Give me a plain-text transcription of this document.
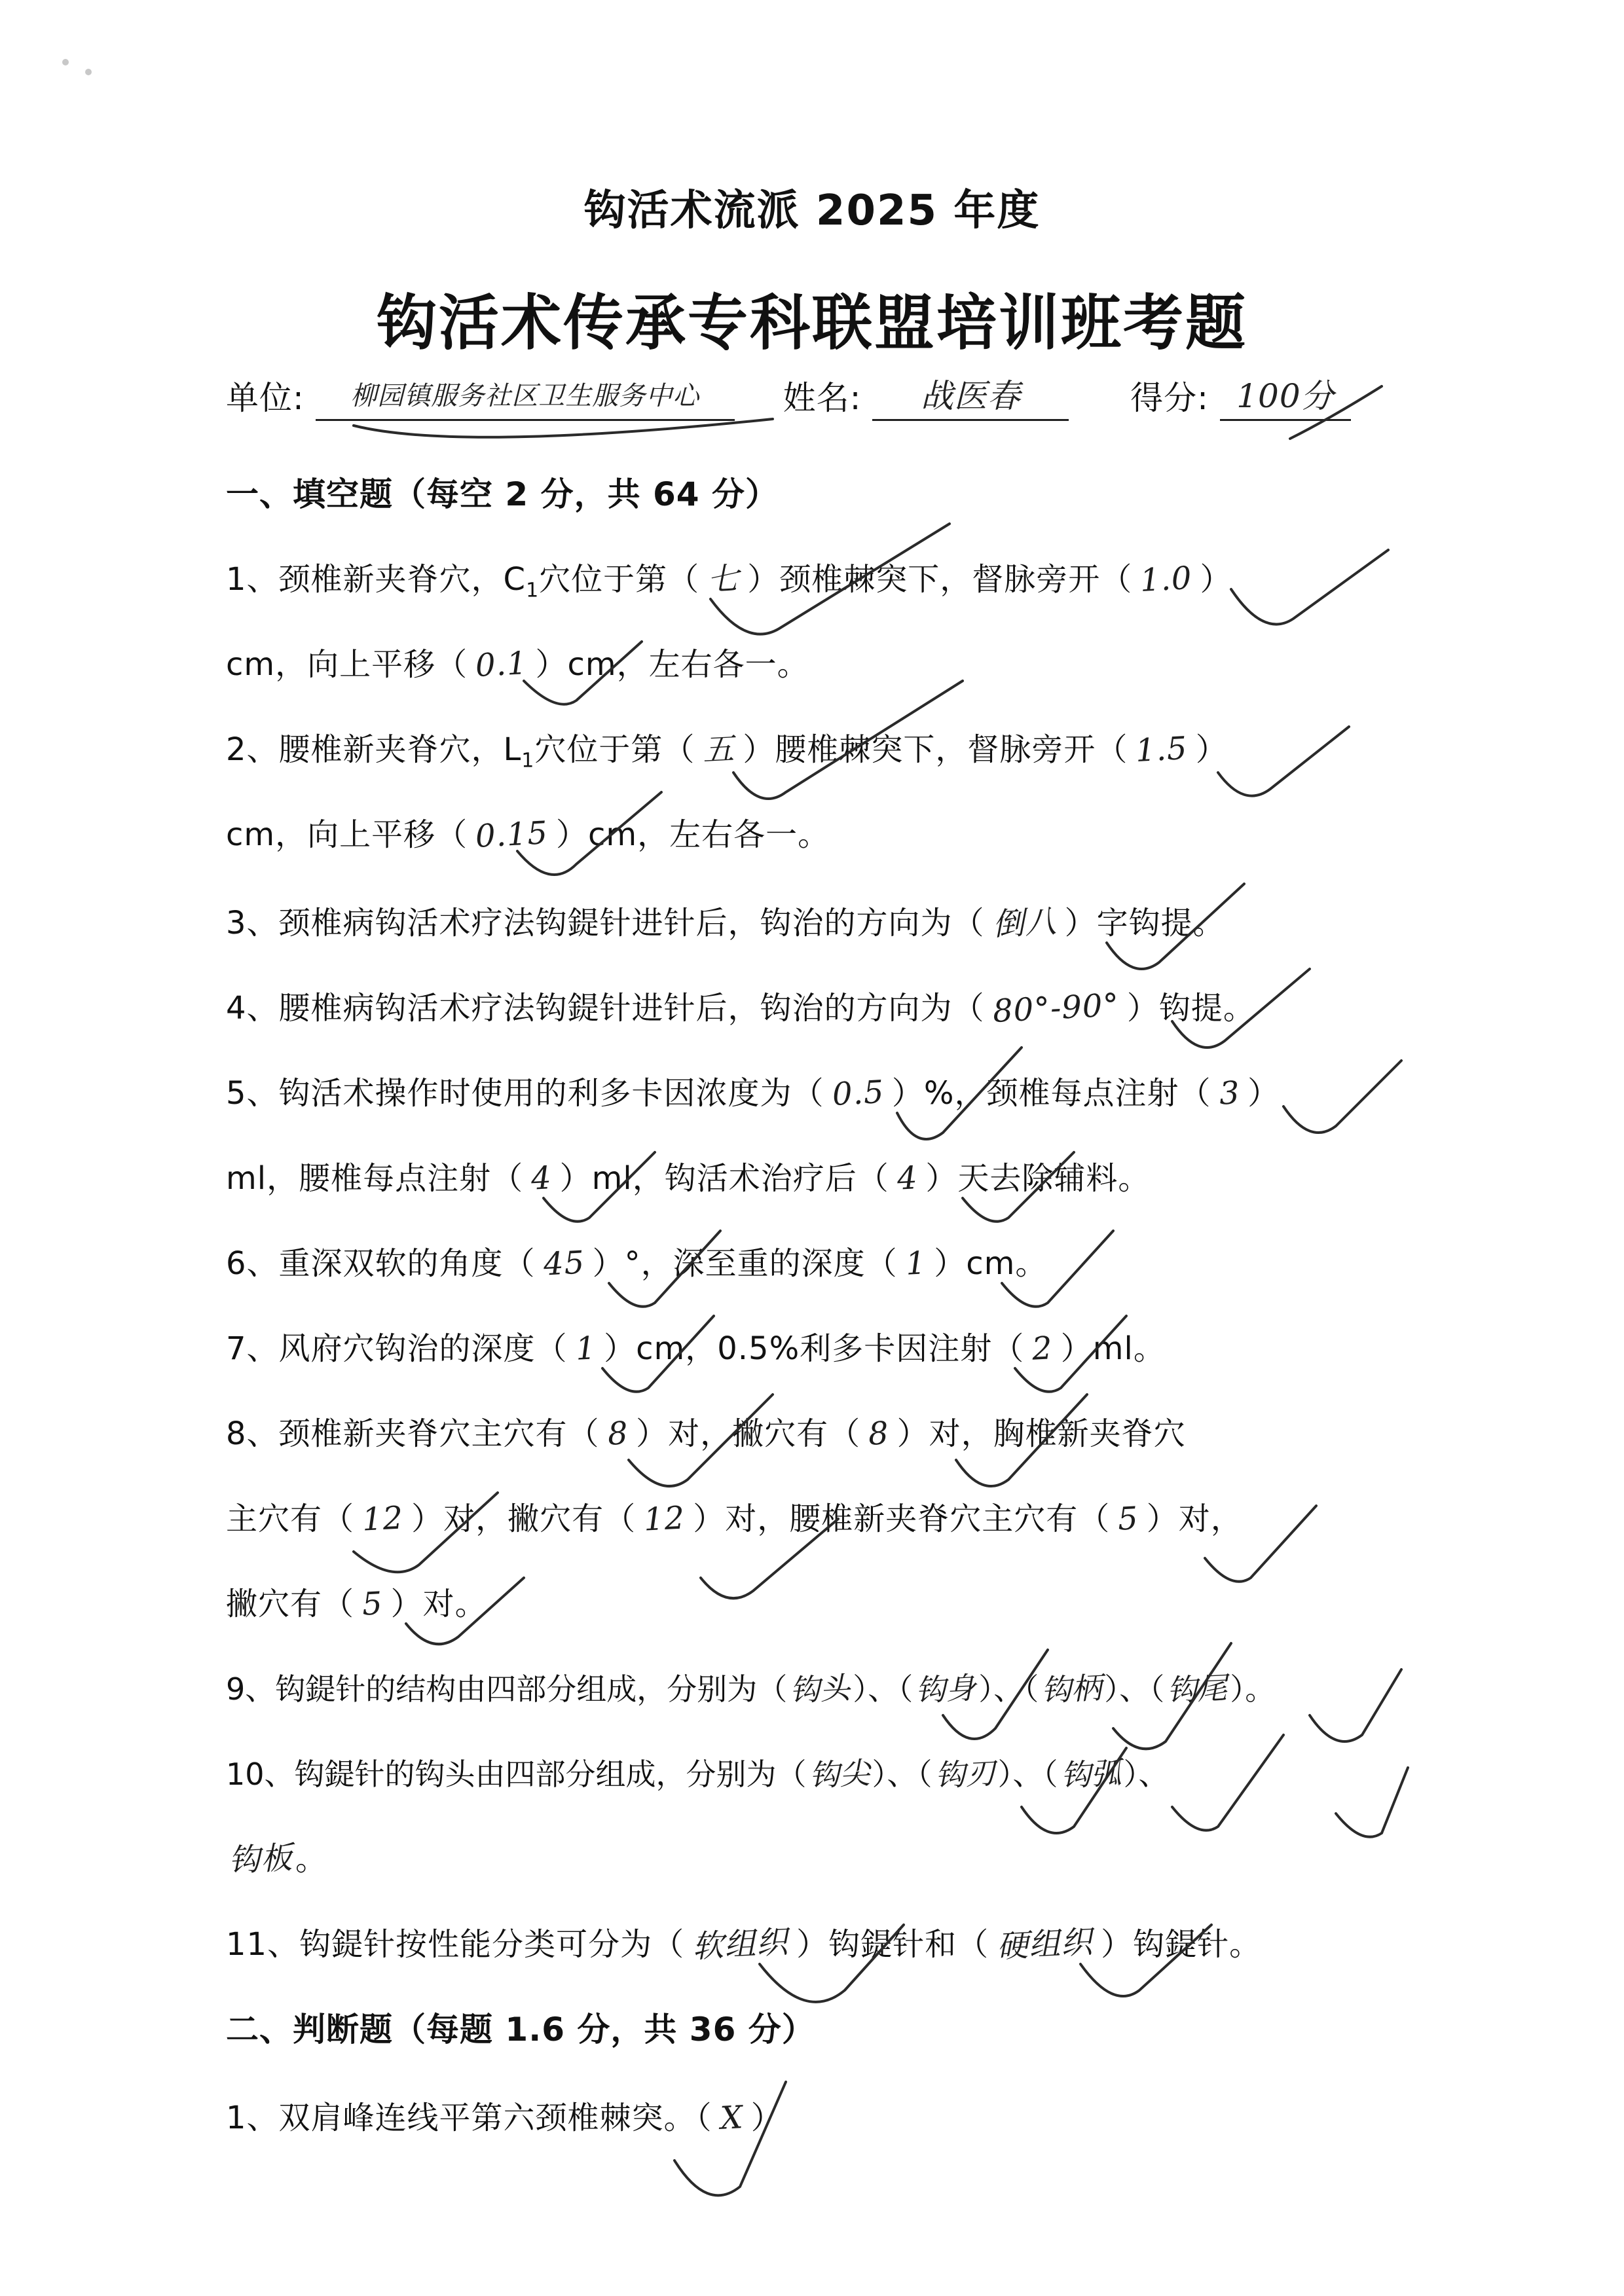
钩活术流派 2025 年度
钩活术传承专科联盟培训班考题
单位: 柳园镇服务社区卫生服务中心	姓名: 战医春	得分: 100分
一、填空题（每空 2 分，共 64 分）
1、颈椎新夹脊穴，$C_1$穴位于第（ 七 ）颈椎棘突下，督脉旁开（ 1.0 ）
cm，向上平移（ 0.1 ）cm，左右各一。
2、腰椎新夹脊穴，$L_1$穴位于第（ 五 ）腰椎棘突下，督脉旁开（ 1.5 ）
cm，向上平移（ 0.15 ）cm，左右各一。
3、颈椎病钩活术疗法钩鍉针进针后，钩治的方向为（ 倒八 ）字钩提。
4、腰椎病钩活术疗法钩鍉针进针后，钩治的方向为（ 80°-90° ）钩提。
5、钩活术操作时使用的利多卡因浓度为（ 0.5 ）%，颈椎每点注射（ 3 ）
ml，腰椎每点注射（ 4 ）ml，钩活术治疗后（ 4 ）天去除辅料。
6、重深双软的角度（ 45 ）°，深至重的深度（ 1 ）cm。
7、风府穴钩治的深度（ 1 ）cm，0.5%利多卡因注射（ 2 ）ml。
8、颈椎新夹脊穴主穴有（ 8 ）对，撇穴有（ 8 ）对，胸椎新夹脊穴
主穴有（ 12 ）对，撇穴有（ 12 ）对，腰椎新夹脊穴主穴有（ 5 ）对，
撇穴有（ 5 ）对。
9、钩鍉针的结构由四部分组成，分别为（钩头）、（钩身）、（钩柄）、（钩尾）。
10、钩鍉针的钩头由四部分组成，分别为（钩尖）、（钩刃）、（钩弧）、
钩板。
11、钩鍉针按性能分类可分为（ 软组织 ）钩鍉针和（ 硬组织 ）钩鍉针。
二、判断题（每题 1.6 分，共 36 分）
1、双肩峰连线平第六颈椎棘突。（ X ）
